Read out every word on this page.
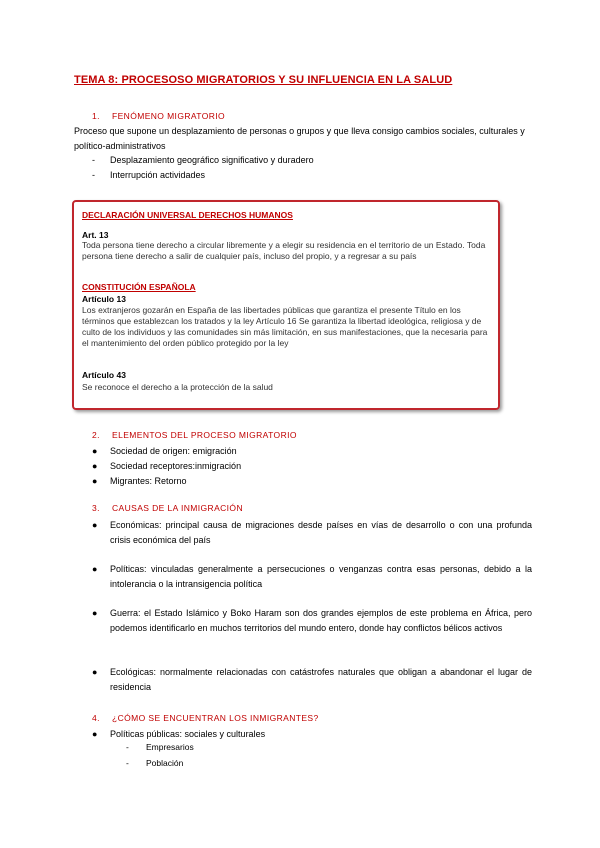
TEMA 8: PROCESOSO MIGRATORIOS Y SU INFLUENCIA EN LA SALUD
1. FENÓMENO MIGRATORIO
Proceso que supone un desplazamiento de personas o grupos y que lleva consigo cambios sociales, culturales y político-administrativos
- Desplazamiento geográfico significativo y duradero
- Interrupción actividades
DECLARACIÓN UNIVERSAL DERECHOS HUMANOS
Art. 13
Toda persona tiene derecho a circular libremente y a elegir su residencia en el territorio de un Estado. Toda persona tiene derecho a salir de cualquier país, incluso del propio, y a regresar a su país
CONSTITUCIÓN ESPAÑOLA
Artículo 13
Los extranjeros gozarán en España de las libertades públicas que garantiza el presente Título en los términos que establezcan los tratados y la ley Artículo 16 Se garantiza la libertad ideológica, religiosa y de culto de los individuos y las comunidades sin más limitación, en sus manifestaciones, que la necesaria para el mantenimiento del orden público protegido por la ley
Artículo 43
Se reconoce el derecho a la protección de la salud
2. ELEMENTOS DEL PROCESO MIGRATORIO
●	Sociedad de origen: emigración
●	Sociedad receptores:inmigración
●	Migrantes: Retorno
3. CAUSAS DE LA INMIGRACIÓN
●	Económicas: principal causa de migraciones desde países en vías de desarrollo o con una profunda crisis económica del país
●	Políticas: vinculadas generalmente a persecuciones o venganzas contra esas personas, debido a la intolerancia o la intransigencia política
●	Guerra: el Estado Islámico y Boko Haram son dos grandes ejemplos de este problema en África, pero podemos identificarlo en muchos territorios del mundo entero, donde hay conflictos bélicos activos
●	Ecológicas: normalmente relacionadas con catástrofes naturales que obligan a abandonar el lugar de residencia
4. ¿CÓMO SE ENCUENTRAN LOS INMIGRANTES?
●	Políticas públicas: sociales y culturales
- Empresarios
- Población
